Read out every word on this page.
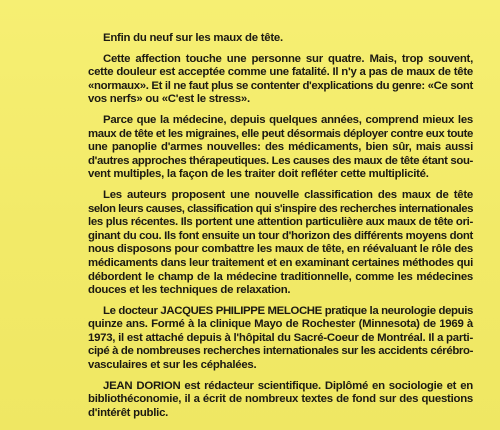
Enfin du neuf sur les maux de tête.

Cette affection touche une personne sur quatre. Mais, trop souvent,
cette douleur est acceptée comme une fatalité. Il n'y a pas de maux de tête
«normaux». Et il ne faut plus se contenter d'explications du genre: «Ce sont
vos nerfs» ou «C'est le stress».

Parce que la médecine, depuis quelques années, comprend mieux les
maux de tête et les migraines, elle peut désormais déployer contre eux toute
une panoplie d'armes nouvelles: des médicaments, bien sûr, mais aussi
d'autres approches thérapeutiques. Les causes des maux de tête étant sou-
vent multiples, la façon de les traiter doit refléter cette multiplicité.

Les auteurs proposent une nouvelle classification des maux de tête
selon leurs causes, classification qui s'inspire des recherches internationales
les plus récentes. Ils portent une attention particulière aux maux de tête ori-
ginant du cou. Ils font ensuite un tour d'horizon des différents moyens dont
nous disposons pour combattre les maux de tête, en réévaluant le rôle des
médicaments dans leur traitement et en examinant certaines méthodes qui
débordent le champ de la médecine traditionnelle, comme les médecines
douces et les techniques de relaxation.

Le docteur JACQUES PHILIPPE MELOCHE pratique la neurologie depuis
quinze ans. Formé à la clinique Mayo de Rochester (Minnesota) de 1969 à
1973, il est attaché depuis à l'hôpital du Sacré-Coeur de Montréal. Il a parti-
cipé à de nombreuses recherches internationales sur les accidents cérébro-
vasculaires et sur les céphalées.

JEAN DORION est rédacteur scientifique. Diplômé en sociologie et en
bibliothéconomie, il a écrit de nombreux textes de fond sur des questions
d'intérêt public.
